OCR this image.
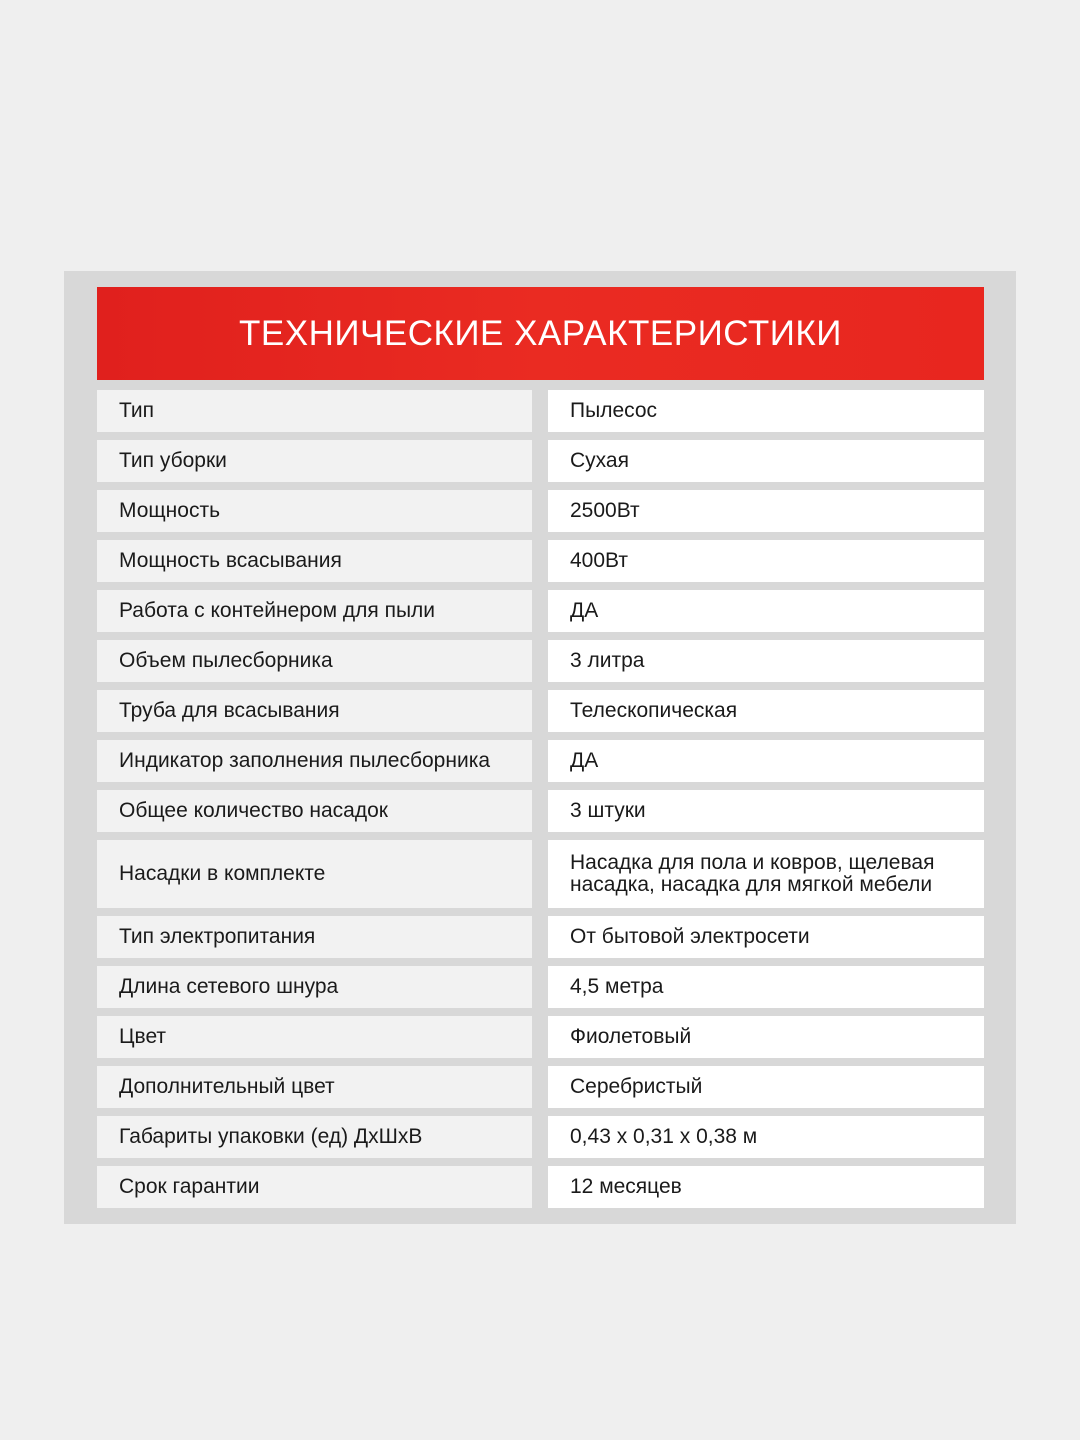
ТЕХНИЧЕСКИЕ ХАРАКТЕРИСТИКИ
Тип	Пылесос
Тип уборки	Сухая
Мощность	2500Вт
Мощность всасывания	400Вт
Работа с контейнером для пыли	ДА
Объем пылесборника	3 литра
Труба для всасывания	Телескопическая
Индикатор заполнения пылесборника	ДА
Общее количество насадок	3 штуки
Насадки в комплекте	Насадка для пола и ковров, щелевая насадка, насадка для мягкой мебели
Тип электропитания	От бытовой электросети
Длина сетевого шнура	4,5 метра
Цвет	Фиолетовый
Дополнительный цвет	Серебристый
Габариты упаковки (ед) ДхШхВ	0,43 х 0,31 х 0,38 м
Срок гарантии	12 месяцев
